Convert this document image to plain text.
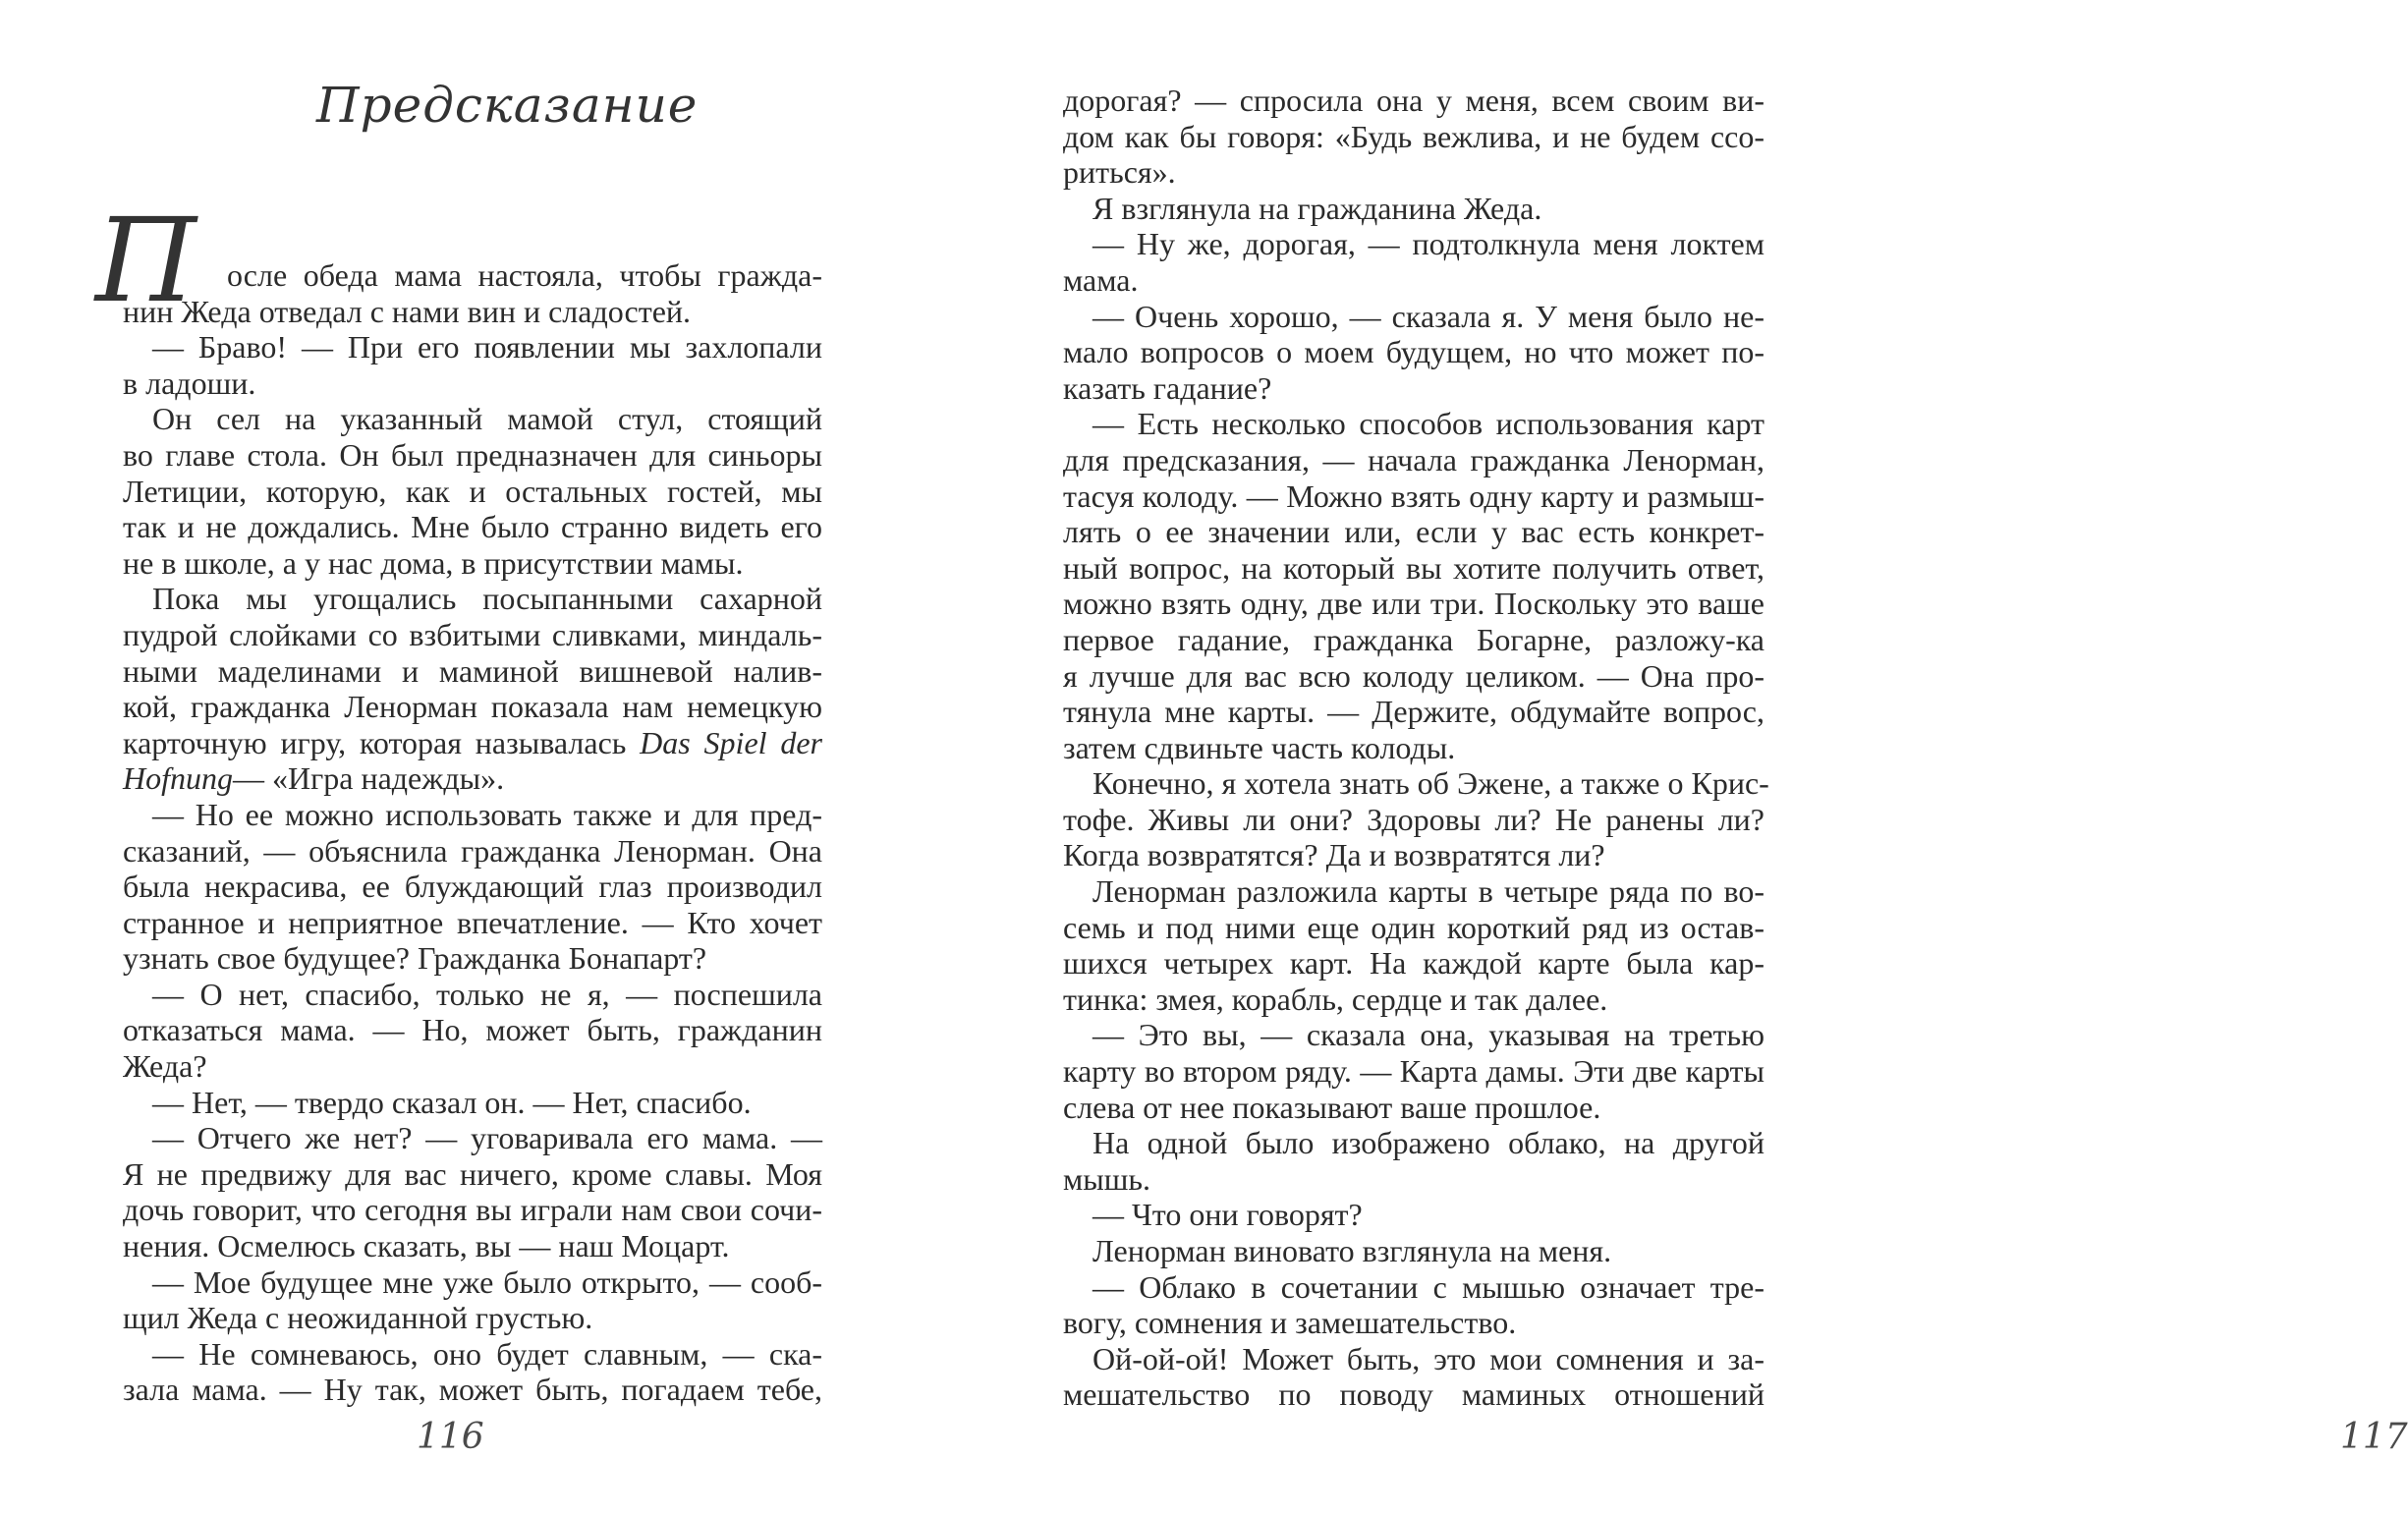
Предсказание
П осле обеда мама настояла, чтобы гражда-
нин Жеда отведал с нами вин и сладостей.
— Браво! — При его появлении мы захлопали
в ладоши.
Он сел на указанный мамой стул, стоящий
во главе стола. Он был предназначен для синьоры
Летиции, которую, как и остальных гостей, мы
так и не дождались. Мне было странно видеть его
не в школе, а у нас дома, в присутствии мамы.
Пока мы угощались посыпанными сахарной
пудрой слойками со взбитыми сливками, миндаль-
ными маделинами и маминой вишневой налив-
кой, гражданка Ленорман показала нам немецкую
карточную игру, которая называлась Das Spiel der
Hofnung— «Игра надежды».
— Но ее можно использовать также и для пред-
сказаний, — объяснила гражданка Ленорман. Она
была некрасива, ее блуждающий глаз производил
странное и неприятное впечатление. — Кто хочет
узнать свое будущее? Гражданка Бонапарт?
— О нет, спасибо, только не я, — поспешила
отказаться мама. — Но, может быть, гражданин
Жеда?
— Нет, — твердо сказал он. — Нет, спасибо.
— Отчего же нет? — уговаривала его мама. —
Я не предвижу для вас ничего, кроме славы. Моя
дочь говорит, что сегодня вы играли нам свои сочи-
нения. Осмелюсь сказать, вы — наш Моцарт.
— Мое будущее мне уже было открыто, — сооб-
щил Жеда с неожиданной грустью.
— Не сомневаюсь, оно будет славным, — ска-
зала мама. — Ну так, может быть, погадаем тебе,
116
дорогая? — спросила она у меня, всем своим ви-
дом как бы говоря: «Будь вежлива, и не будем ссо-
риться».
Я взглянула на гражданина Жеда.
— Ну же, дорогая, — подтолкнула меня локтем
мама.
— Очень хорошо, — сказала я. У меня было не-
мало вопросов о моем будущем, но что может по-
казать гадание?
— Есть несколько способов использования карт
для предсказания, — начала гражданка Ленорман,
тасуя колоду. — Можно взять одну карту и размыш-
лять о ее значении или, если у вас есть конкрет-
ный вопрос, на который вы хотите получить ответ,
можно взять одну, две или три. Поскольку это ваше
первое гадание, гражданка Богарне, разложу-ка
я лучше для вас всю колоду целиком. — Она про-
тянула мне карты. — Держите, обдумайте вопрос,
затем сдвиньте часть колоды.
Конечно, я хотела знать об Эжене, а также о Крис-
тофе. Живы ли они? Здоровы ли? Не ранены ли?
Когда возвратятся? Да и возвратятся ли?
Ленорман разложила карты в четыре ряда по во-
семь и под ними еще один короткий ряд из остав-
шихся четырех карт. На каждой карте была кар-
тинка: змея, корабль, сердце и так далее.
— Это вы, — сказала она, указывая на третью
карту во втором ряду. — Карта дамы. Эти две карты
слева от нее показывают ваше прошлое.
На одной было изображено облако, на другой
мышь.
— Что они говорят?
Ленорман виновато взглянула на меня.
— Облако в сочетании с мышью означает тре-
вогу, сомнения и замешательство.
Ой-ой-ой! Может быть, это мои сомнения и за-
мешательство по поводу маминых отношений
117
